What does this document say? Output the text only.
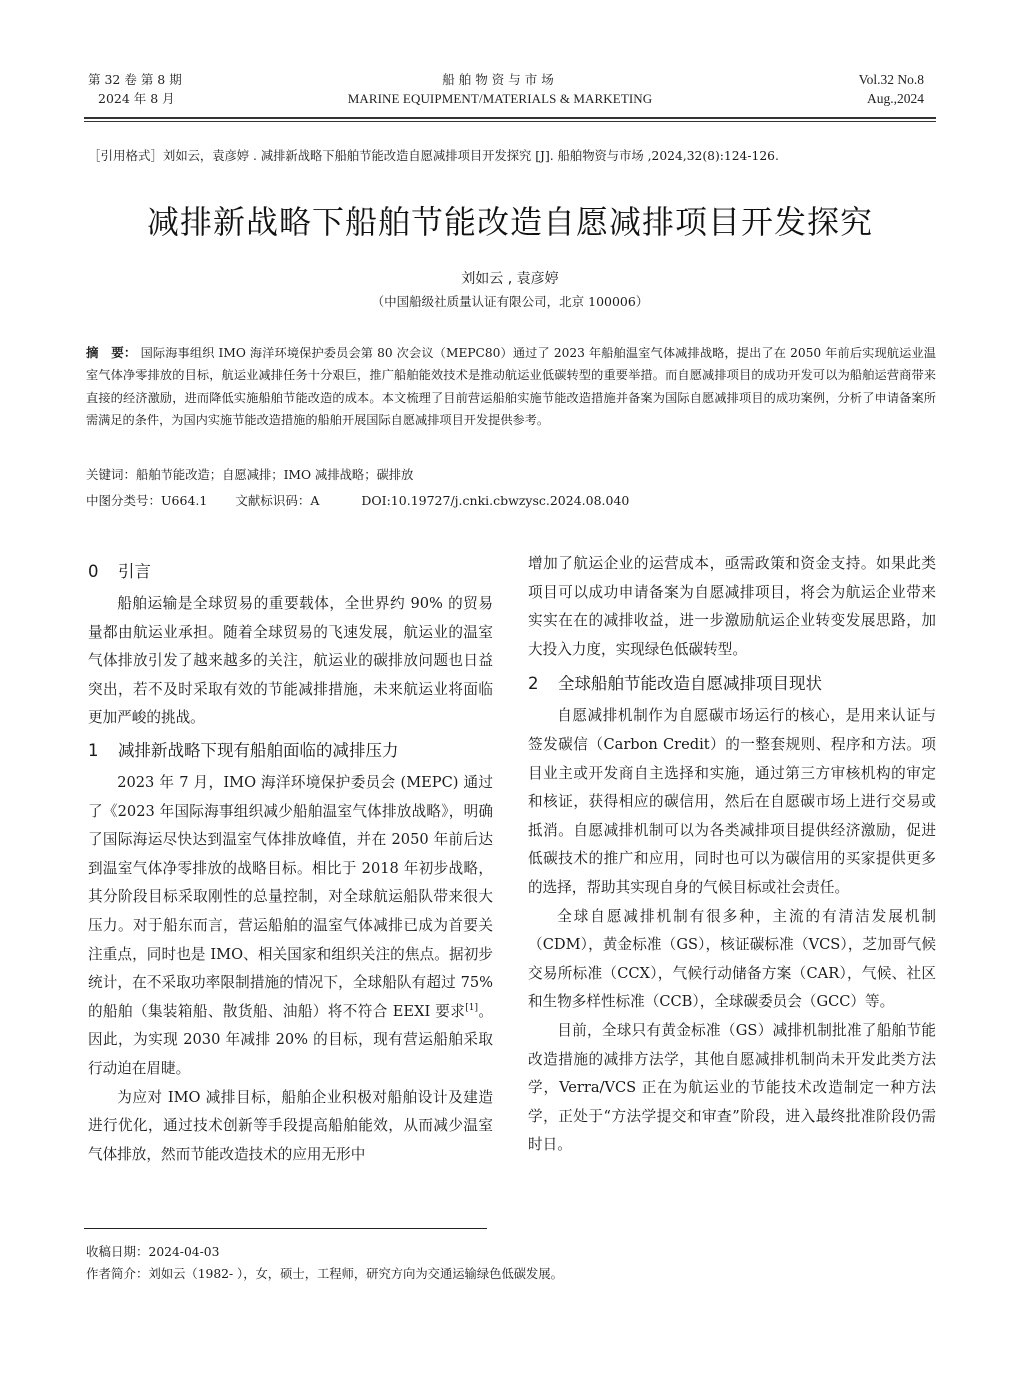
第 32 卷 第 8 期
2024 年 8 月
船舶物资与市场
MARINE EQUIPMENT/MATERIALS & MARKETING
Vol.32 No.8
Aug.,2024
［引用格式］刘如云，袁彦婷 . 减排新战略下船舶节能改造自愿减排项目开发探究 [J]. 船舶物资与市场 ,2024,32(8):124-126.
减排新战略下船舶节能改造自愿减排项目开发探究
刘如云 , 袁彦婷
（中国船级社质量认证有限公司，北京 100006）
摘　要： 国际海事组织 IMO 海洋环境保护委员会第 80 次会议（MEPC80）通过了 2023 年船舶温室气体减排战略，提出了在 2050 年前后实现航运业温室气体净零排放的目标，航运业减排任务十分艰巨，推广船舶能效技术是推动航运业低碳转型的重要举措。而自愿减排项目的成功开发可以为船舶运营商带来直接的经济激励，进而降低实施船舶节能改造的成本。本文梳理了目前营运船舶实施节能改造措施并备案为国际自愿减排项目的成功案例，分析了申请备案所需满足的条件，为国内实施节能改造措施的船舶开展国际自愿减排项目开发提供参考。
关键词：船舶节能改造；自愿减排；IMO 减排战略；碳排放
中图分类号：U664.1 文献标识码：A	DOI:10.19727/j.cnki.cbwzysc.2024.08.040
0 引言

船舶运输是全球贸易的重要载体，全世界约 90% 的贸易量都由航运业承担。随着全球贸易的飞速发展，航运业的温室气体排放引发了越来越多的关注，航运业的碳排放问题也日益突出，若不及时采取有效的节能减排措施，未来航运业将面临更加严峻的挑战。

1 减排新战略下现有船舶面临的减排压力

2023 年 7 月，IMO 海洋环境保护委员会 (MEPC) 通过了《2023 年国际海事组织减少船舶温室气体排放战略》，明确了国际海运尽快达到温室气体排放峰值，并在 2050 年前后达到温室气体净零排放的战略目标。相比于 2018 年初步战略，其分阶段目标采取刚性的总量控制，对全球航运船队带来很大压力。对于船东而言，营运船舶的温室气体减排已成为首要关注重点，同时也是 IMO、相关国家和组织关注的焦点。据初步统计，在不采取功率限制措施的情况下，全球船队有超过 75% 的船舶（集装箱船、散货船、油船）将不符合 EEXI 要求[1]。因此，为实现 2030 年减排 20% 的目标，现有营运船舶采取行动迫在眉睫。

为应对 IMO 减排目标，船舶企业积极对船舶设计及建造进行优化，通过技术创新等手段提高船舶能效，从而减少温室气体排放，然而节能改造技术的应用无形中

增加了航运企业的运营成本，亟需政策和资金支持。如果此类项目可以成功申请备案为自愿减排项目，将会为航运企业带来实实在在的减排收益，进一步激励航运企业转变发展思路，加大投入力度，实现绿色低碳转型。

2 全球船舶节能改造自愿减排项目现状

自愿减排机制作为自愿碳市场运行的核心，是用来认证与签发碳信（Carbon Credit）的一整套规则、程序和方法。项目业主或开发商自主选择和实施，通过第三方审核机构的审定和核证，获得相应的碳信用，然后在自愿碳市场上进行交易或抵消。自愿减排机制可以为各类减排项目提供经济激励，促进低碳技术的推广和应用，同时也可以为碳信用的买家提供更多的选择，帮助其实现自身的气候目标或社会责任。

全球自愿减排机制有很多种，主流的有清洁发展机制（CDM），黄金标准（GS），核证碳标准（VCS），芝加哥气候交易所标准（CCX），气候行动储备方案（CAR），气候、社区和生物多样性标准（CCB），全球碳委员会（GCC）等。

目前，全球只有黄金标准（GS）减排机制批准了船舶节能改造措施的减排方法学，其他自愿减排机制尚未开发此类方法学，Verra/VCS 正在为航运业的节能技术改造制定一种方法学，正处于“方法学提交和审查”阶段，进入最终批准阶段仍需时日。

收稿日期：2024-04-03
作者简介：刘如云（1982- ），女，硕士，工程师，研究方向为交通运输绿色低碳发展。
